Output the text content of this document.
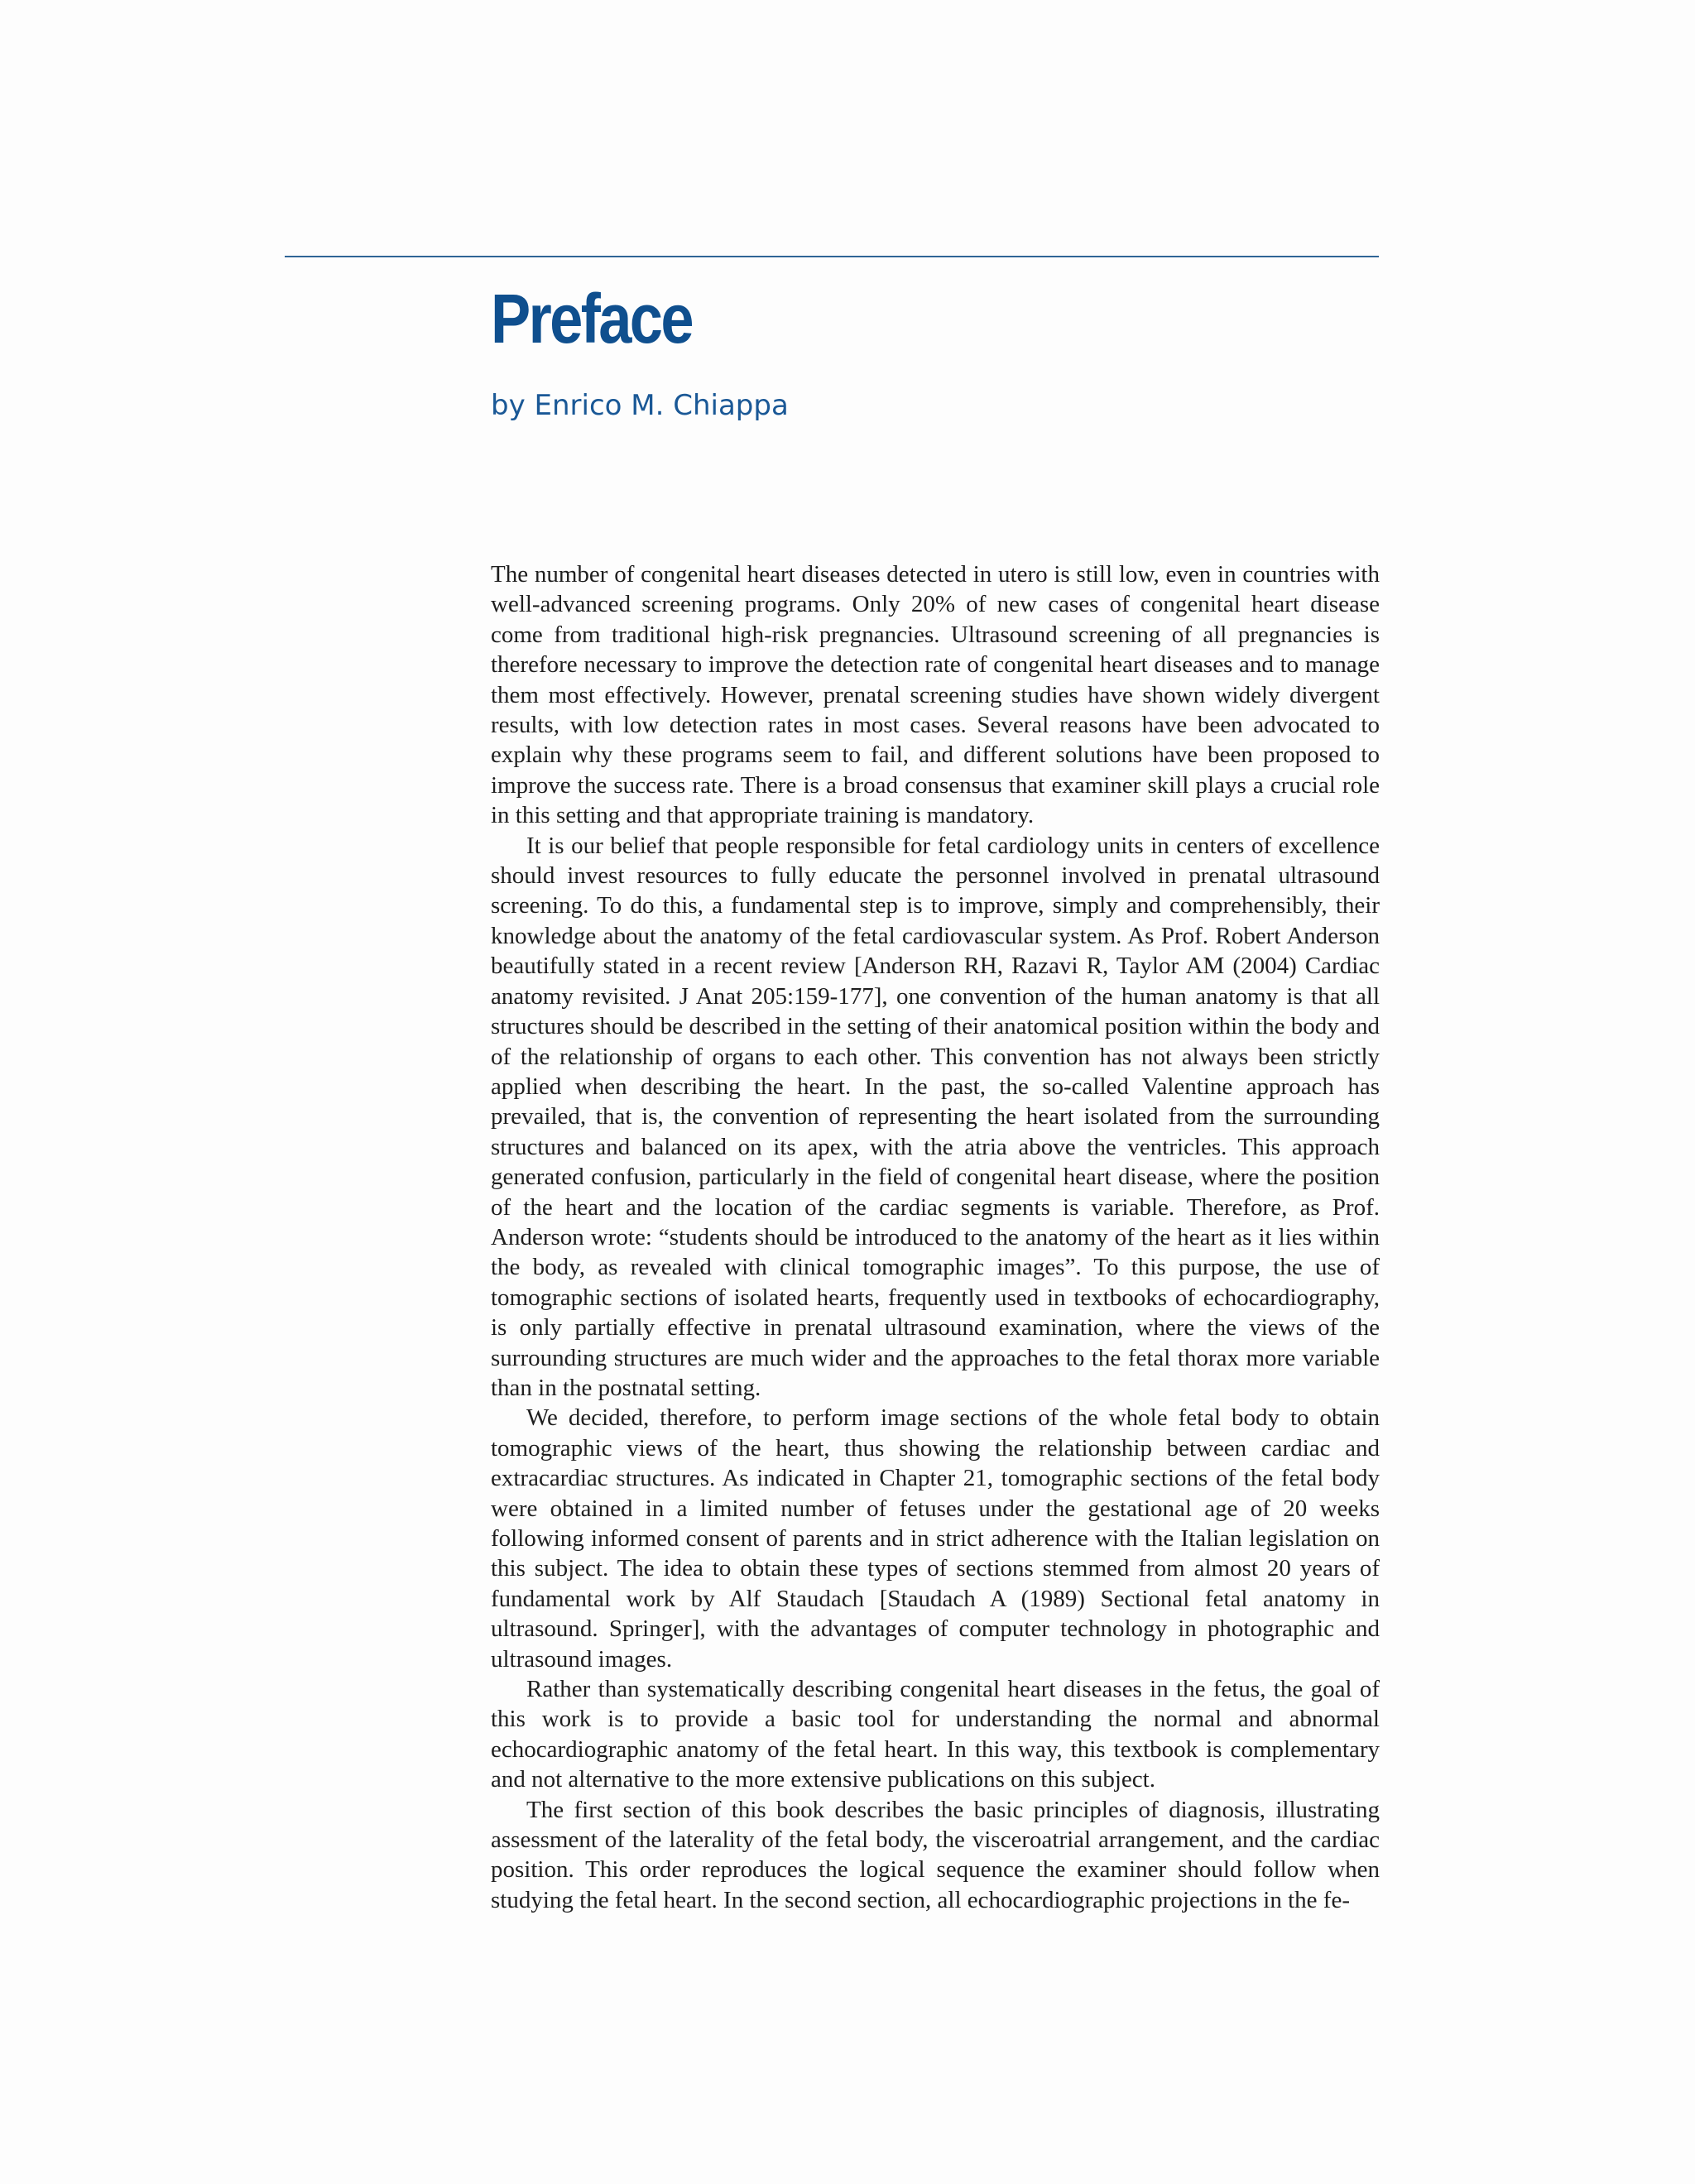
Preface
by Enrico M. Chiappa

The number of congenital heart diseases detected in utero is still low, even in countries with well-advanced screening programs. Only 20% of new cases of congenital heart disease come from traditional high-risk pregnancies. Ultrasound screening of all pregnancies is therefore necessary to improve the detection rate of congenital heart diseases and to manage them most effectively. However, prenatal screening studies have shown widely divergent results, with low detection rates in most cases. Several reasons have been advocated to explain why these programs seem to fail, and different solutions have been proposed to improve the success rate. There is a broad consensus that examiner skill plays a crucial role in this setting and that appropriate training is mandatory.

It is our belief that people responsible for fetal cardiology units in centers of excellence should invest resources to fully educate the personnel involved in prenatal ultrasound screening. To do this, a fundamental step is to improve, simply and comprehensibly, their knowledge about the anatomy of the fetal cardiovascular system. As Prof. Robert Anderson beautifully stated in a recent review [Anderson RH, Razavi R, Taylor AM (2004) Cardiac anatomy revisited. J Anat 205:159-177], one convention of the human anatomy is that all structures should be described in the setting of their anatomical position within the body and of the relationship of organs to each other. This convention has not always been strictly applied when describing the heart. In the past, the so-called Valentine approach has prevailed, that is, the convention of representing the heart isolated from the surrounding structures and balanced on its apex, with the atria above the ventricles. This approach generated confusion, particularly in the field of congenital heart disease, where the position of the heart and the location of the cardiac segments is variable. Therefore, as Prof. Anderson wrote: “students should be introduced to the anatomy of the heart as it lies within the body, as revealed with clinical tomographic images”. To this purpose, the use of tomographic sections of isolated hearts, frequently used in textbooks of echocardiography, is only partially effective in prenatal ultrasound examination, where the views of the surrounding structures are much wider and the approaches to the fetal thorax more variable than in the postnatal setting.

We decided, therefore, to perform image sections of the whole fetal body to obtain tomographic views of the heart, thus showing the relationship between cardiac and extracardiac structures. As indicated in Chapter 21, tomographic sections of the fetal body were obtained in a limited number of fetuses under the gestational age of 20 weeks following informed consent of parents and in strict adherence with the Italian legislation on this subject. The idea to obtain these types of sections stemmed from almost 20 years of fundamental work by Alf Staudach [Staudach A (1989) Sectional fetal anatomy in ultrasound. Springer], with the advantages of computer technology in photographic and ultrasound images.

Rather than systematically describing congenital heart diseases in the fetus, the goal of this work is to provide a basic tool for understanding the normal and abnormal echocardiographic anatomy of the fetal heart. In this way, this textbook is complementary and not alternative to the more extensive publications on this subject.

The first section of this book describes the basic principles of diagnosis, illustrating assessment of the laterality of the fetal body, the visceroatrial arrangement, and the cardiac position. This order reproduces the logical sequence the examiner should follow when studying the fetal heart. In the second section, all echocardiographic projections in the fe-
